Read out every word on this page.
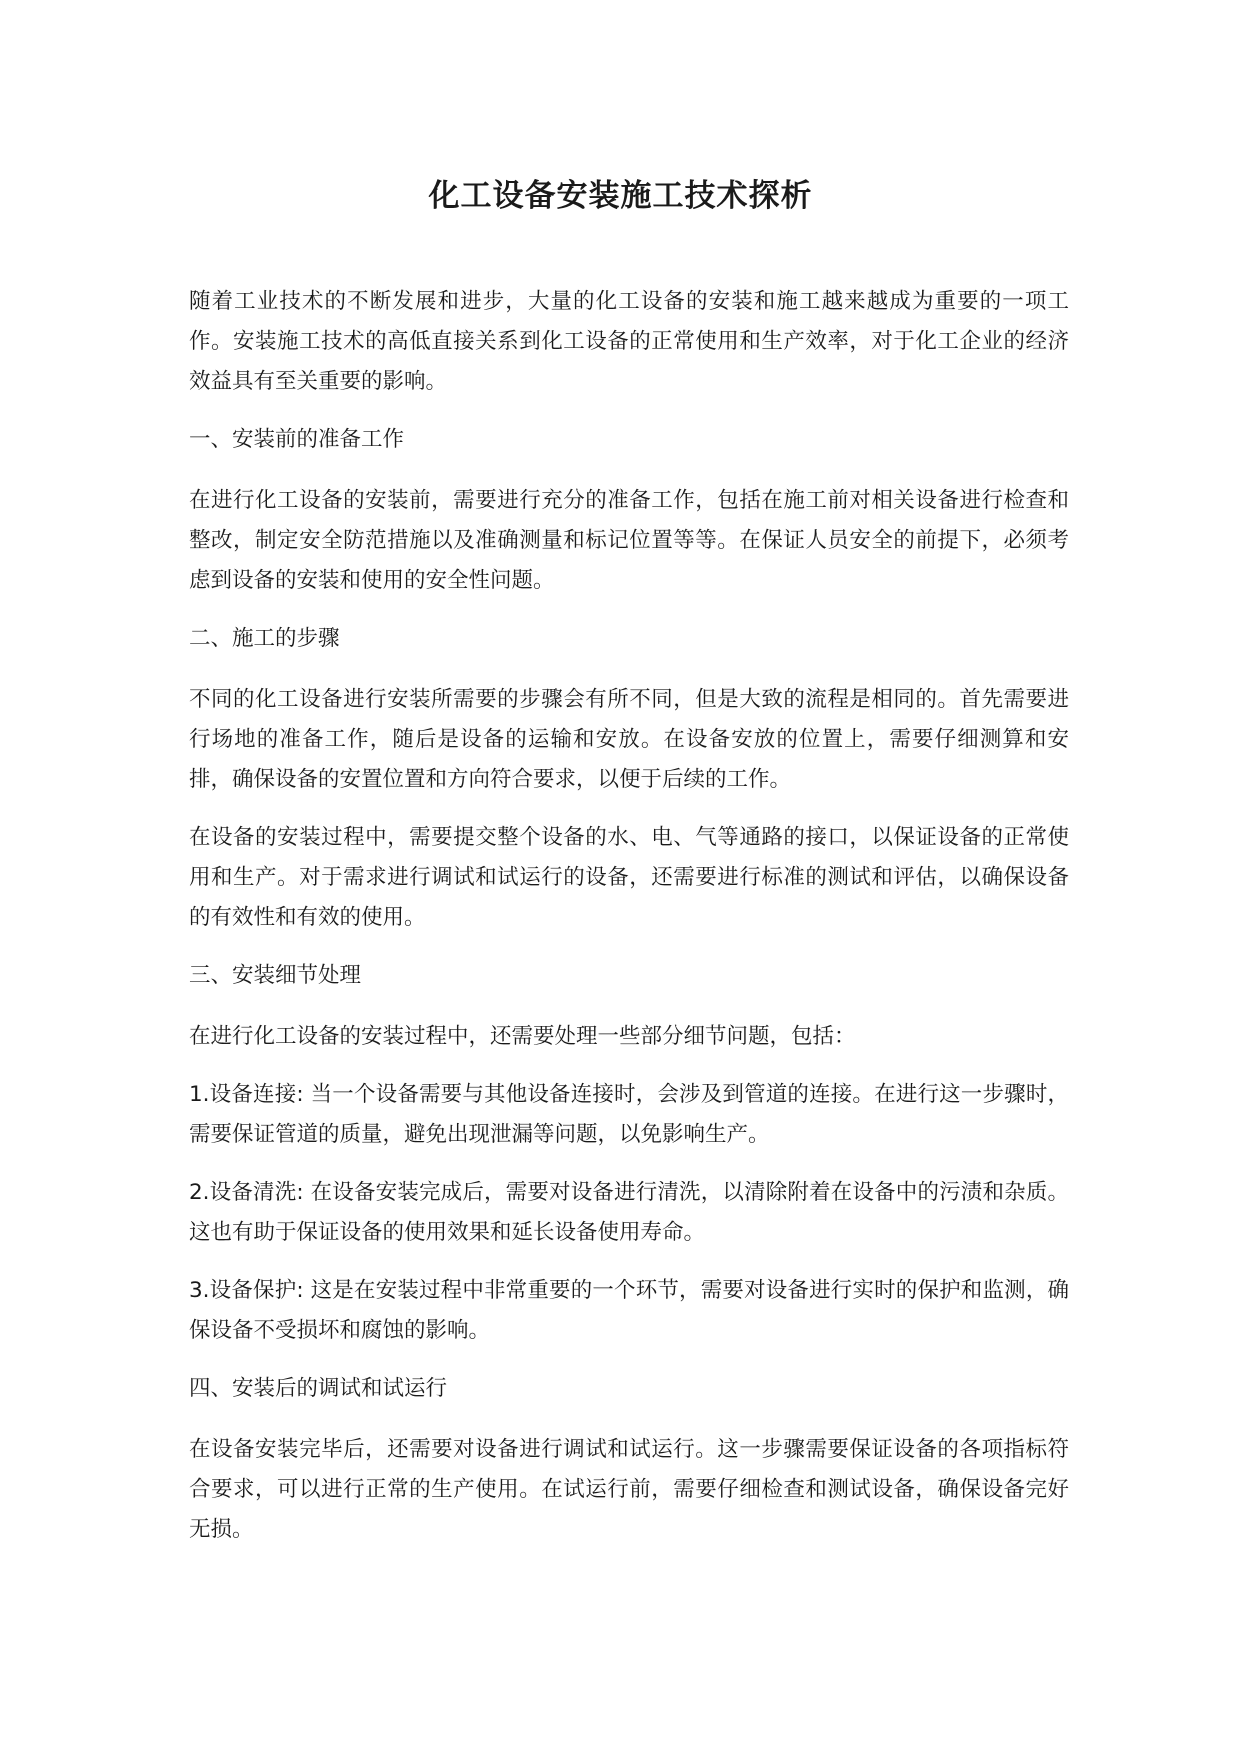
化工设备安装施工技术探析

随着工业技术的不断发展和进步，大量的化工设备的安装和施工越来越成为重要的一项工作。安装施工技术的高低直接关系到化工设备的正常使用和生产效率，对于化工企业的经济效益具有至关重要的影响。

一、安装前的准备工作

在进行化工设备的安装前，需要进行充分的准备工作，包括在施工前对相关设备进行检查和整改，制定安全防范措施以及准确测量和标记位置等等。在保证人员安全的前提下，必须考虑到设备的安装和使用的安全性问题。

二、施工的步骤

不同的化工设备进行安装所需要的步骤会有所不同，但是大致的流程是相同的。首先需要进行场地的准备工作，随后是设备的运输和安放。在设备安放的位置上，需要仔细测算和安排，确保设备的安置位置和方向符合要求，以便于后续的工作。

在设备的安装过程中，需要提交整个设备的水、电、气等通路的接口，以保证设备的正常使用和生产。对于需求进行调试和试运行的设备，还需要进行标准的测试和评估，以确保设备的有效性和有效的使用。

三、安装细节处理

在进行化工设备的安装过程中，还需要处理一些部分细节问题，包括：

1.设备连接: 当一个设备需要与其他设备连接时，会涉及到管道的连接。在进行这一步骤时，需要保证管道的质量，避免出现泄漏等问题，以免影响生产。

2.设备清洗: 在设备安装完成后，需要对设备进行清洗，以清除附着在设备中的污渍和杂质。这也有助于保证设备的使用效果和延长设备使用寿命。

3.设备保护: 这是在安装过程中非常重要的一个环节，需要对设备进行实时的保护和监测，确保设备不受损坏和腐蚀的影响。

四、安装后的调试和试运行

在设备安装完毕后，还需要对设备进行调试和试运行。这一步骤需要保证设备的各项指标符合要求，可以进行正常的生产使用。在试运行前，需要仔细检查和测试设备，确保设备完好无损。
